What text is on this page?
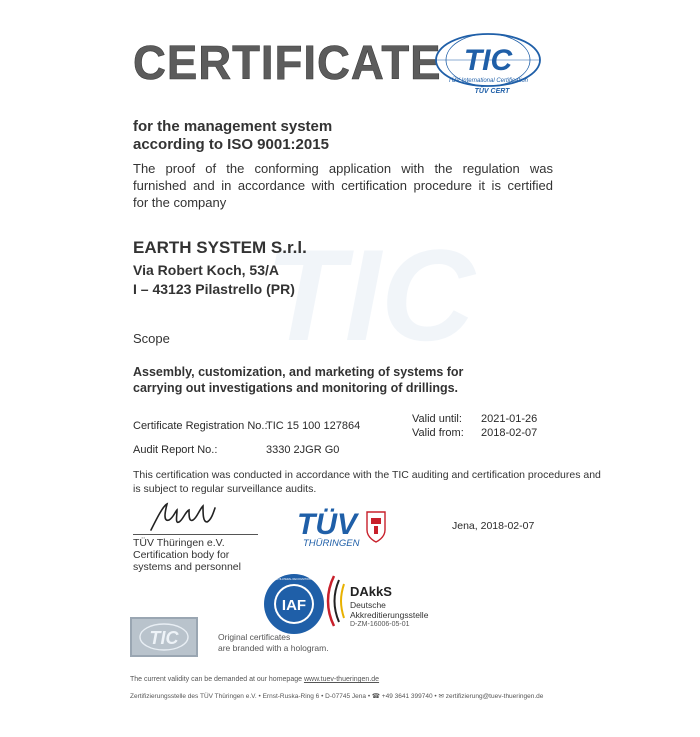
CERTIFICATE TIC
TÜV International Certification
TÜV CERT
TIC
for the management system
according to ISO 9001:2015
The proof of the conforming application with the regulation was
furnished and in accordance with certification procedure it is certified
for the company
EARTH SYSTEM S.r.l.
Via Robert Koch, 53/A
I – 43123 Pilastrello (PR)
Scope
Assembly, customization, and marketing of systems for
carrying out investigations and monitoring of drillings.
Certificate Registration No.:
TIC 15 100 127864
Audit Report No.:	3330 2JGR G0
Valid until: 2021-01-26
Valid from: 2018-02-07
This certification was conducted in accordance with the TIC auditing and certification procedures and
is subject to regular surveillance audits.
TÜV Thüringen e.V.
Certification body for
systems and personnel
TÜV
THÜRINGEN
Jena, 2018-02-07
IAF
MEMBER OF MULTILATERAL RECOGNITION ARRANGEMENT
DAkkS
Deutsche
Akkreditierungsstelle
D-ZM-16006-05-01
TIC	Original certificates
are branded with a hologram.
The current validity can be demanded at our homepage www.tuev-thueringen.de
Zertifizierungsstelle des TÜV Thüringen e.V. • Ernst-Ruska-Ring 6 • D-07745 Jena • ☎ +49 3641 399740 • ✉ zertifizierung@tuev-thueringen.de
